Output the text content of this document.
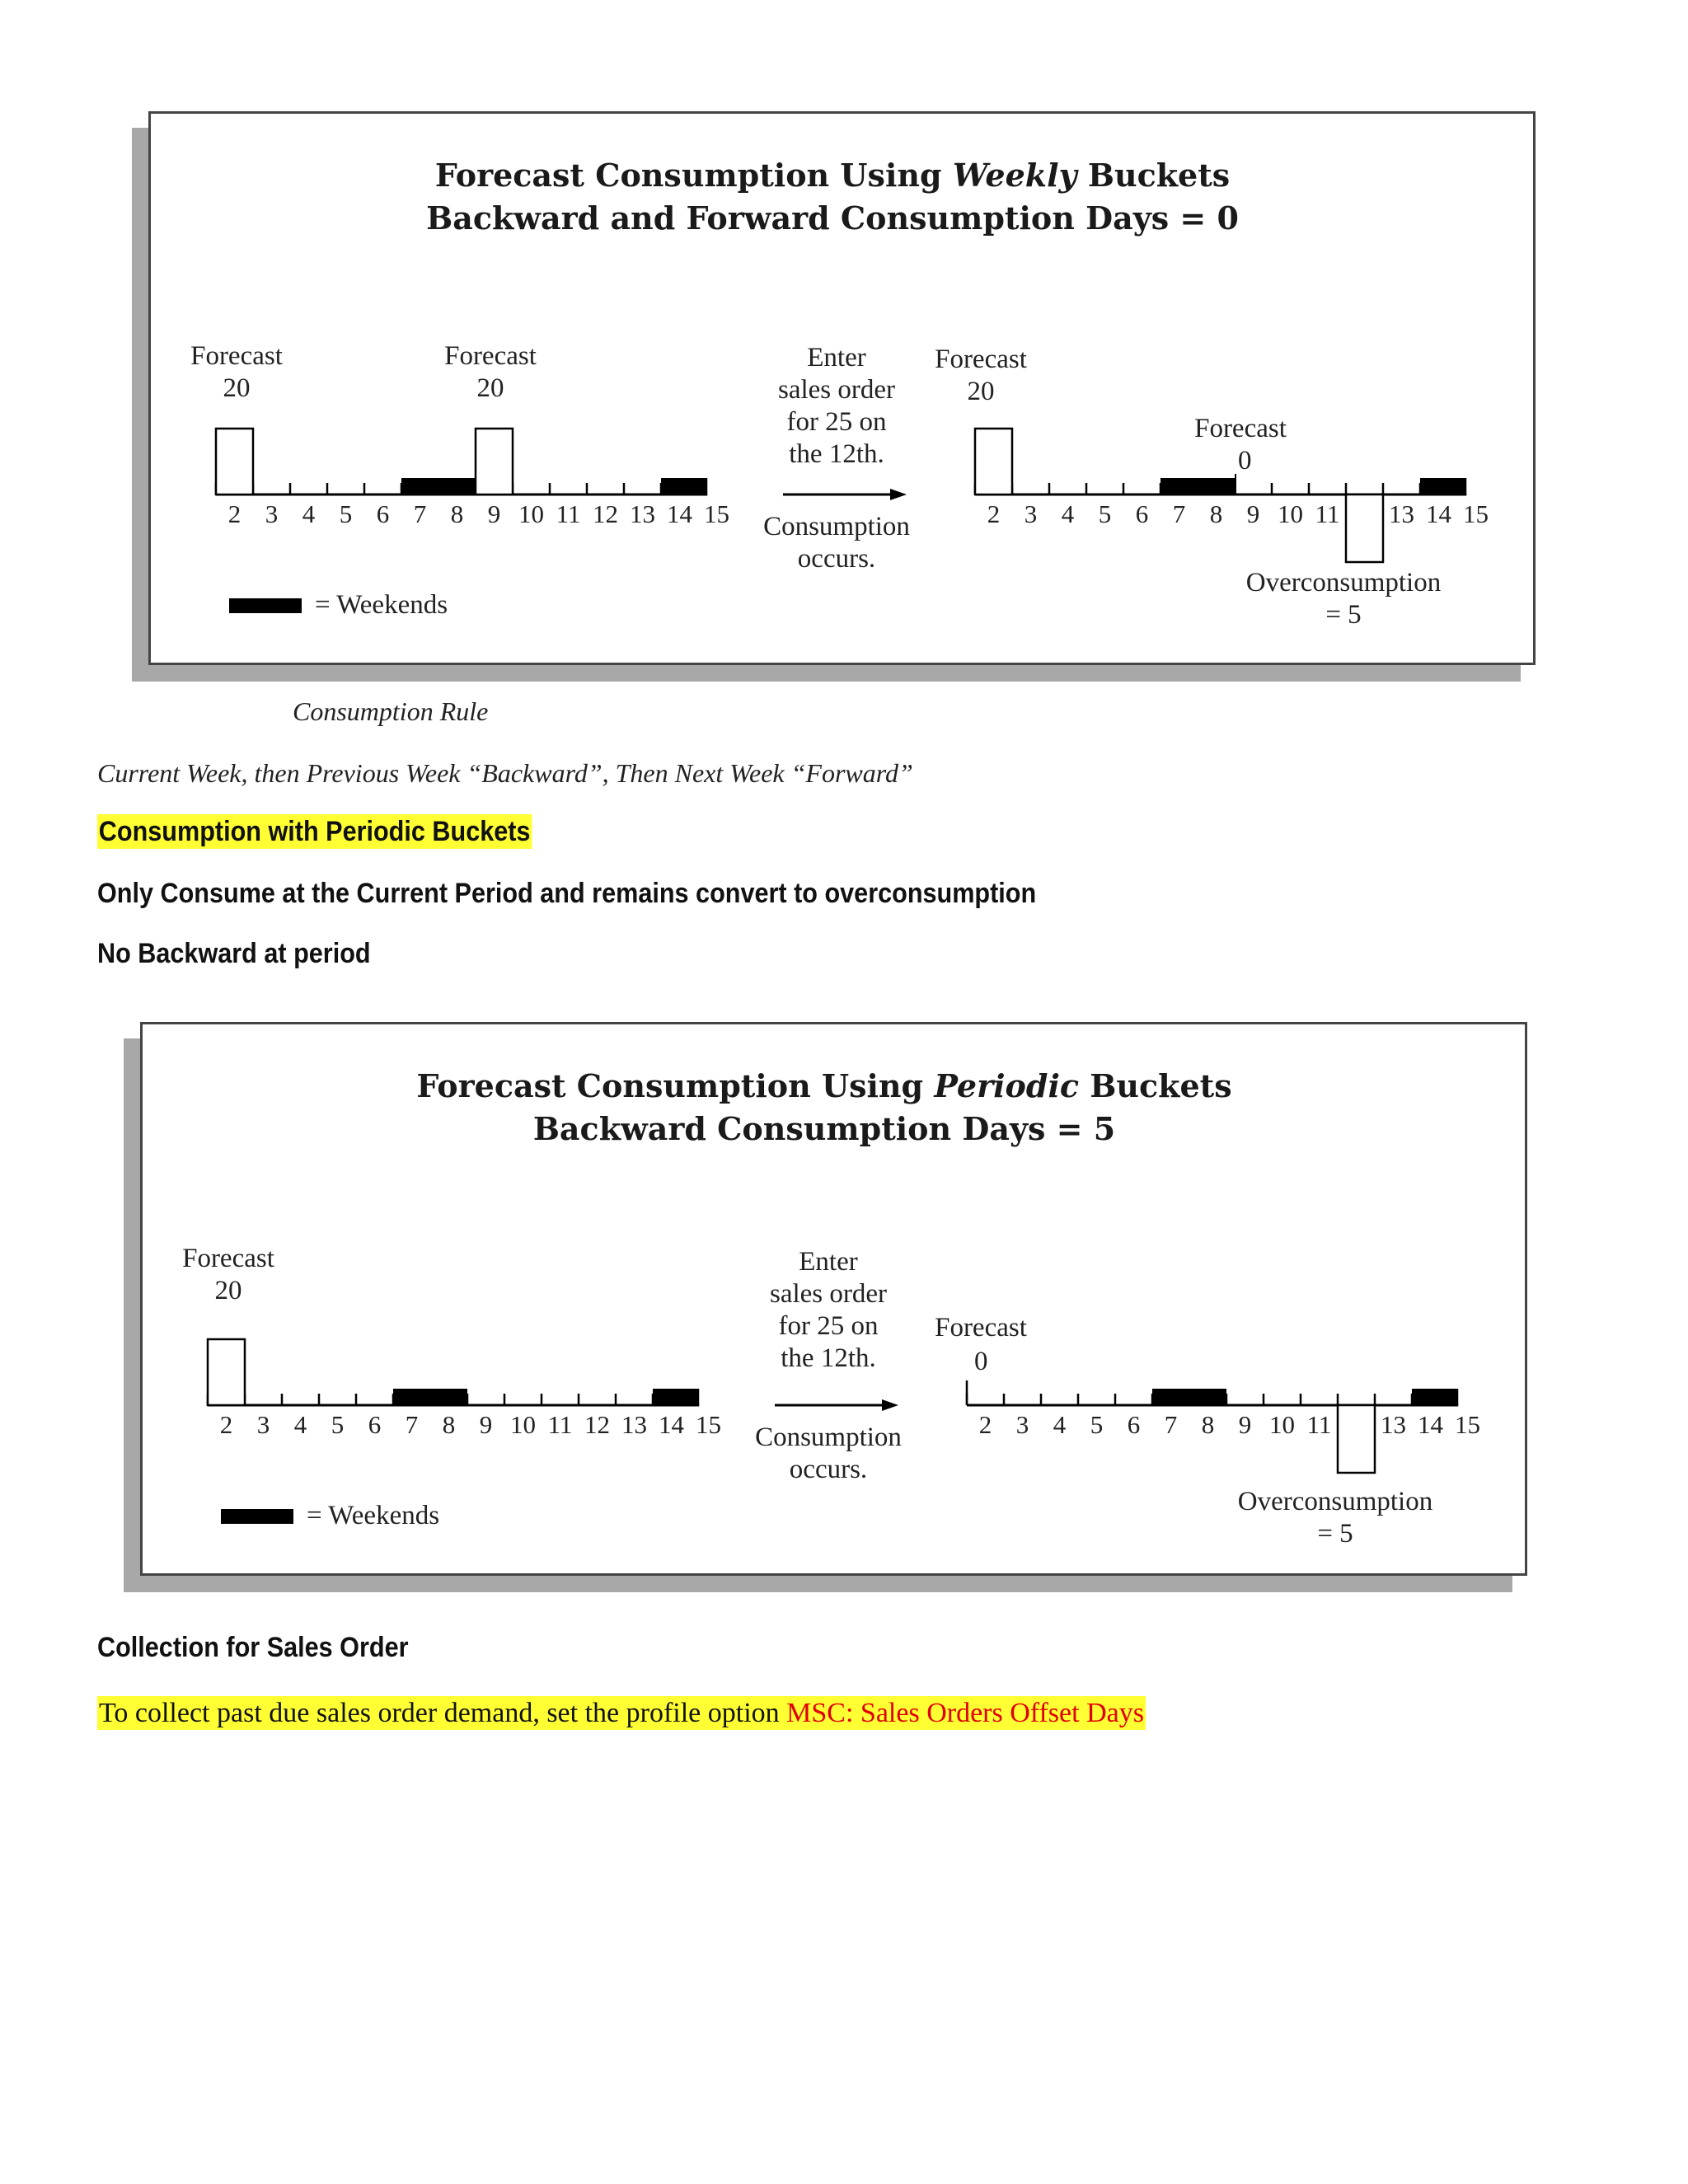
Forecast Consumption Using Weekly Buckets
Backward and Forward Consumption Days = 0
Forecast
20
Forecast
20
Enter
sales order
for 25 on
the 12th.
Consumption
occurs.
Forecast
20
Forecast
0
Overconsumption
= 5
= Weekends
2 3 4 5 6 7 8 9 10 11 12 13 14 15	2 3 4 5 6 7 8 9 10 11 13 14 15
Consumption Rule
Current Week, then Previous Week “Backward”, Then Next Week “Forward”
Consumption with Periodic Buckets
Only Consume at the Current Period and remains convert to overconsumption
No Backward at period
Forecast Consumption Using Periodic Buckets
Backward Consumption Days = 5
Forecast
20
Enter
sales order
for 25 on
the 12th.
Consumption
occurs.
Forecast
0
Overconsumption
= 5
= Weekends
2 3 4 5 6 7 8 9 10 11 12 13 14 15	2 3 4 5 6 7 8 9 10 11 13 14 15
Collection for Sales Order
To collect past due sales order demand, set the profile option MSC: Sales Orders Offset Days
